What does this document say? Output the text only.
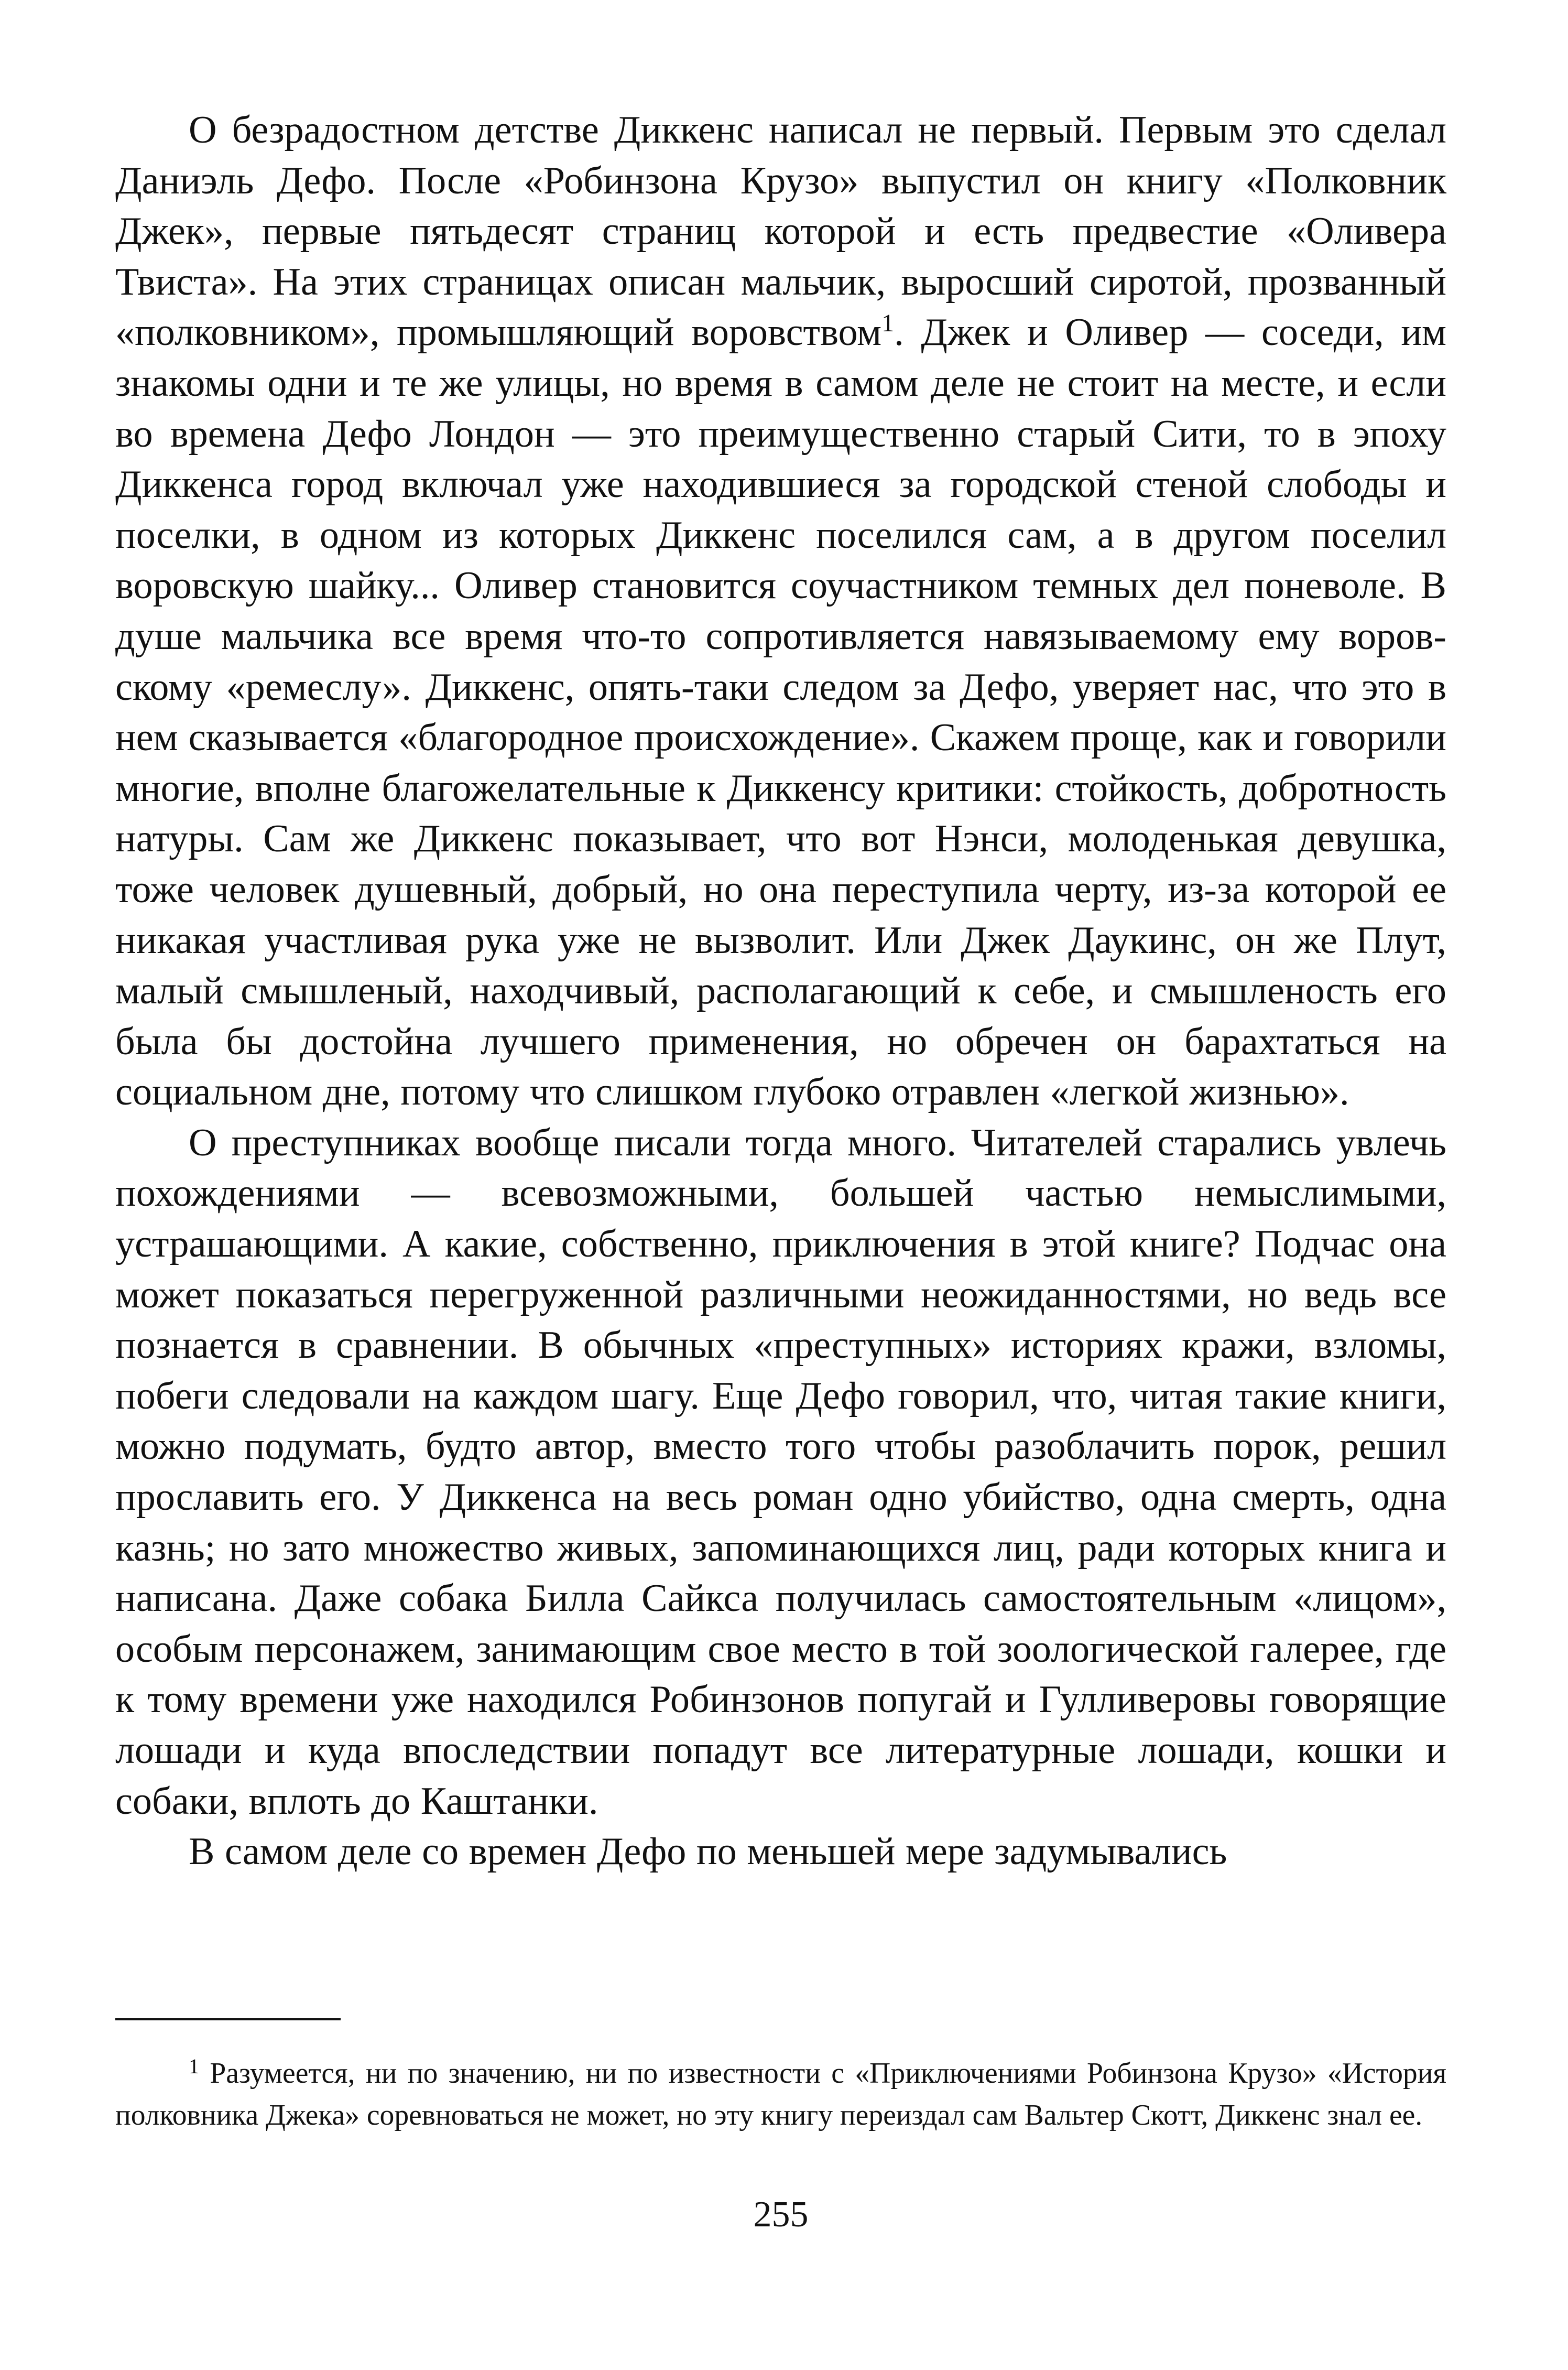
О безрадостном детстве Диккенс написал не первый. Первым это сделал Даниэль Дефо. После «Робинзона Крузо» выпустил он книгу «Полковник Джек», первые пятьдесят страниц которой и есть предвестие «Оливера Твиста». На этих страницах описан мальчик, выросший сиротой, прозванный «полковником», промышляющий воровством$^1$. Джек и Оливер — соседи, им знакомы одни и те же улицы, но время в самом деле не стоит на месте, и если во времена Дефо Лондон — это преимущественно старый Сити, то в эпоху Диккенса город включал уже находившиеся за городской стеной слободы и поселки, в одном из которых Диккенс поселился сам, а в другом поселил воровскую шайку... Оливер становится соучастником темных дел поневоле. В душе мальчика все время что-то сопротивляется навязываемому ему воровскому «ремеслу». Диккенс, опять-таки следом за Дефо, уверяет нас, что это в нем сказывается «благородное происхождение». Скажем проще, как и говорили многие, вполне благожелательные к Диккенсу критики: стойкость, добротность натуры. Сам же Диккенс показывает, что вот Нэнси, молоденькая девушка, тоже человек душевный, добрый, но она переступила черту, из-за которой ее никакая участливая рука уже не вызволит. Или Джек Даукинс, он же Плут, малый смышленый, находчивый, располагающий к себе, и смышленость его была бы достойна лучшего применения, но обречен он барахтаться на социальном дне, потому что слишком глубоко отравлен «легкой жизнью».

О преступниках вообще писали тогда много. Читателей старались увлечь похождениями — всевозможными, большей частью немыслимыми, устрашающими. А какие, собственно, приключения в этой книге? Подчас она может показаться перегруженной различными неожиданностями, но ведь все познается в сравнении. В обычных «преступных» историях кражи, взломы, побеги следовали на каждом шагу. Еще Дефо говорил, что, читая такие книги, можно подумать, будто автор, вместо того чтобы разоблачить порок, решил прославить его. У Диккенса на весь роман одно убийство, одна смерть, одна казнь; но зато множество живых, запоминающихся лиц, ради которых книга и написана. Даже собака Билла Сайкса получилась самостоятельным «лицом», особым персонажем, занимающим свое место в той зоологической галерее, где к тому времени уже находился Робинзонов попугай и Гулливеровы говорящие лошади и куда впоследствии попадут все литературные лошади, кошки и собаки, вплоть до Каштанки.

В самом деле со времен Дефо по меньшей мере задумывались

$^1$ Разумеется, ни по значению, ни по известности с «Приключениями Робинзона Крузо» «История полковника Джека» соревноваться не может, но эту книгу переиздал сам Вальтер Скотт, Диккенс знал ее.

255
